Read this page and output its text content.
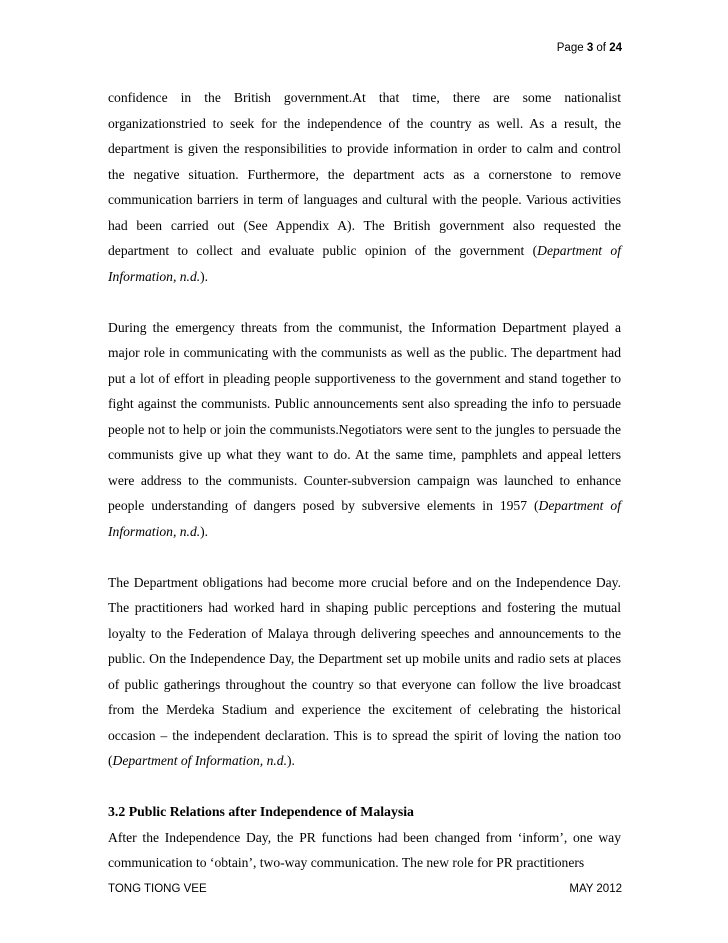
Page 3 of 24

confidence in the British government.At that time, there are some nationalist organizationstried to seek for the independence of the country as well. As a result, the department is given the responsibilities to provide information in order to calm and control the negative situation. Furthermore, the department acts as a cornerstone to remove communication barriers in term of languages and cultural with the people. Various activities had been carried out (See Appendix A). The British government also requested the department to collect and evaluate public opinion of the government (Department of Information, n.d.).

During the emergency threats from the communist, the Information Department played a major role in communicating with the communists as well as the public. The department had put a lot of effort in pleading people supportiveness to the government and stand together to fight against the communists. Public announcements sent also spreading the info to persuade people not to help or join the communists.Negotiators were sent to the jungles to persuade the communists give up what they want to do. At the same time, pamphlets and appeal letters were address to the communists. Counter-subversion campaign was launched to enhance people understanding of dangers posed by subversive elements in 1957 (Department of Information, n.d.).

The Department obligations had become more crucial before and on the Independence Day. The practitioners had worked hard in shaping public perceptions and fostering the mutual loyalty to the Federation of Malaya through delivering speeches and announcements to the public. On the Independence Day, the Department set up mobile units and radio sets at places of public gatherings throughout the country so that everyone can follow the live broadcast from the Merdeka Stadium and experience the excitement of celebrating the historical occasion – the independent declaration. This is to spread the spirit of loving the nation too (Department of Information, n.d.).

3.2 Public Relations after Independence of Malaysia

After the Independence Day, the PR functions had been changed from ‘inform’, one way communication to ‘obtain’, two-way communication. The new role for PR practitioners

TONG TIONG VEE	MAY 2012
